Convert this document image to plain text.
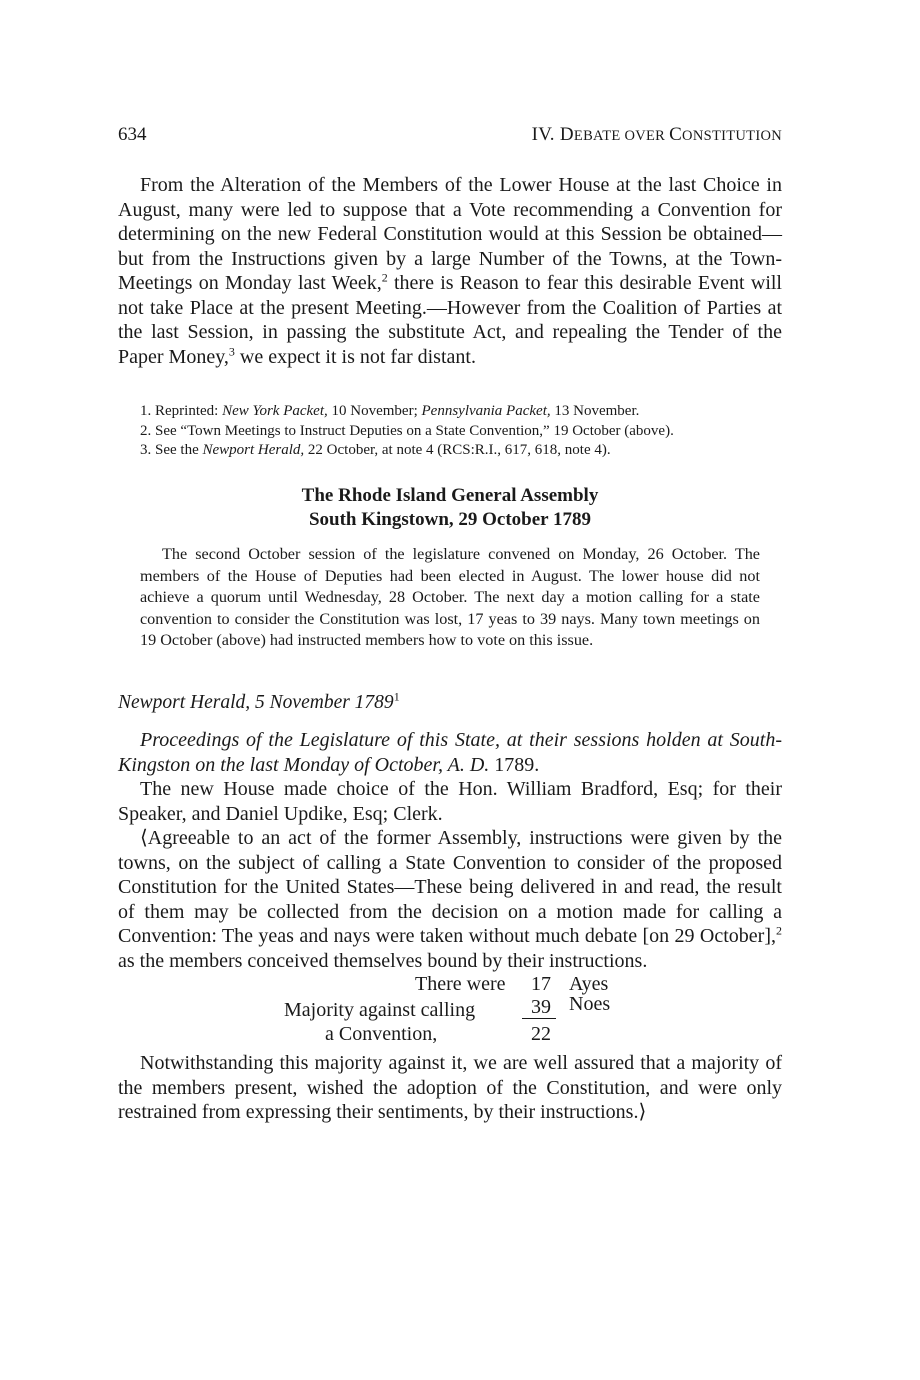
634	IV. DEBATE OVER CONSTITUTION

From the Alteration of the Members of the Lower House at the last Choice in August, many were led to suppose that a Vote recommending a Convention for determining on the new Federal Constitution would at this Session be obtained—but from the Instructions given by a large Number of the Towns, at the Town-Meetings on Monday last Week,$^2$ there is Reason to fear this desirable Event will not take Place at the present Meeting.—However from the Coalition of Parties at the last Session, in passing the substitute Act, and repealing the Tender of the Paper Money,$^3$ we expect it is not far distant.

1. Reprinted: New York Packet, 10 November; Pennsylvania Packet, 13 November.

2. See “Town Meetings to Instruct Deputies on a State Convention,” 19 October (above).

3. See the Newport Herald, 22 October, at note 4 (RCS:R.I., 617, 618, note 4).

The Rhode Island General Assembly
South Kingstown, 29 October 1789

The second October session of the legislature convened on Monday, 26 October. The members of the House of Deputies had been elected in August. The lower house did not achieve a quorum until Wednesday, 28 October. The next day a motion calling for a state convention to consider the Constitution was lost, 17 yeas to 39 nays. Many town meetings on 19 October (above) had instructed members how to vote on this issue.

Newport Herald, 5 November 1789$^1$

Proceedings of the Legislature of this State, at their sessions holden at South-Kingston on the last Monday of October, A. D. 1789.

The new House made choice of the Hon. William Bradford, Esq; for their Speaker, and Daniel Updike, Esq; Clerk.

⟨Agreeable to an act of the former Assembly, instructions were given by the towns, on the subject of calling a State Convention to consider of the proposed Constitution for the United States—These being delivered in and read, the result of them may be collected from the decision on a motion made for calling a Convention: The yeas and nays were taken without much debate [on 29 October],$^2$ as the members conceived themselves bound by their instructions.

There were 17 Ayes
Majority against calling	39 Noes
a Convention,	22

Notwithstanding this majority against it, we are well assured that a majority of the members present, wished the adoption of the Constitution, and were only restrained from expressing their sentiments, by their instructions.⟩
